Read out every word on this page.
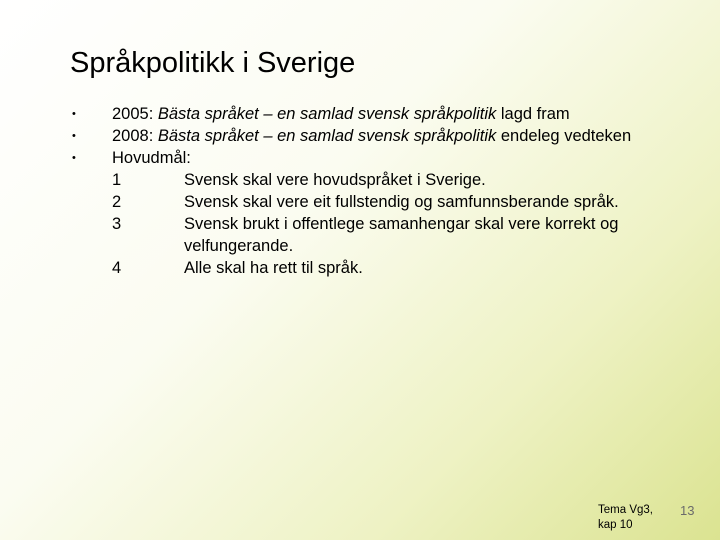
Språkpolitikk i Sverige
• 2005: Bästa språket – en samlad svensk språkpolitik lagd fram
• 2008: Bästa språket – en samlad svensk språkpolitik endeleg vedteken
• Hovudmål:
1	Svensk skal vere hovudspråket i Sverige.
2	Svensk skal vere eit fullstendig og samfunnsberande språk.
3	Svensk brukt i offentlege samanhengar skal vere korrekt og velfungerande.
4	Alle skal ha rett til språk.
Tema Vg3,
kap 10
13
